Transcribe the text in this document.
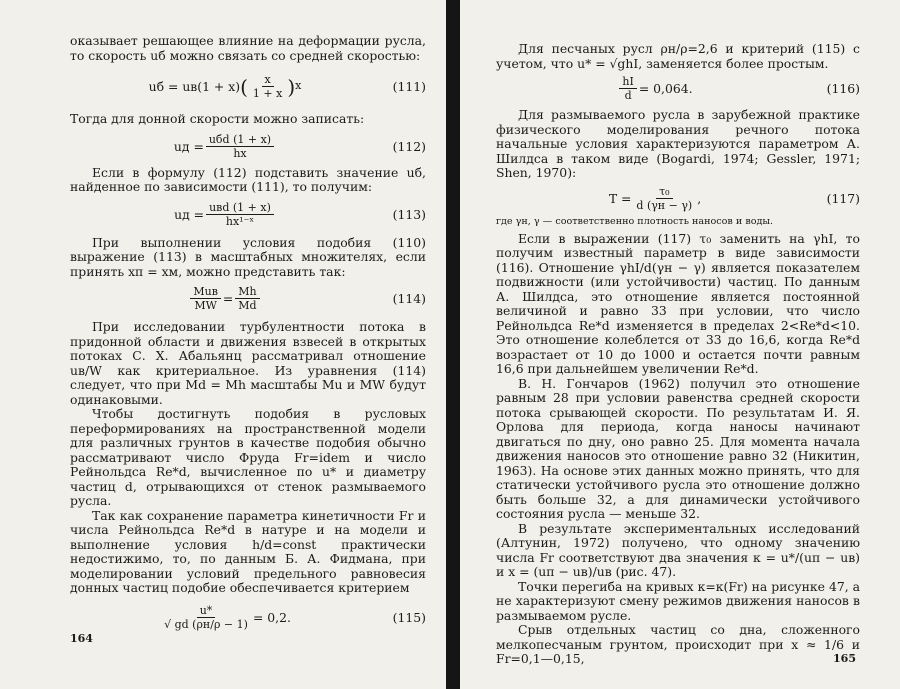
оказывает решающее влияние на деформации русла, то скорость uб можно связать со средней скоростью:

uб = uв(1 + x) ( $\frac{x}{1 + x}$ ) x	(111)

Тогда для донной скорости можно записать:

uд = $\frac{\text{uбd (1 + x)}}{hx}$	(112)

Если в формулу (112) подставить значение uб, найденное по зависимости (111), то получим:

uд = $\frac{\text{uвd (1 + x)}}{\text{hx¹⁻ˣ}}$	(113)

При выполнении условия подобия (110) выражение (113) в масштабных множителях, если принять xп = xм, можно представить так:

$\frac{\text{Muв}}{MW} = \frac{Mh}{Md}$	(114)

При исследовании турбулентности потока в придонной области и движения взвесей в открытых потоках С. Х. Абальянц рассматривал отношение uв/W как критериальное. Из уравнения (114) следует, что при Md = Mh масштабы Mu и MW будут одинаковыми.

Чтобы достигнуть подобия в русловых переформированиях на пространственной модели для различных грунтов в качестве подобия обычно рассматривают число Фруда Fr=idem и число Рейнольдса Re*d, вычисленное по u* и диаметру частиц d, отрывающихся от стенок размываемого русла.

Так как сохранение параметра кинетичности Fr и числа Рейнольдса Re*d в натуре и на модели и выполнение условия h/d=const практически недостижимо, то, по данным Б. А. Фидмана, при моделировании условий предельного равновесия донных частиц подобие обеспечивается критерием

$\frac{u*}{√ gd (\rho н/\rho - 1)} = 0,2$.	(115)
164

Для песчаных русл ρн/ρ=2,6 и критерий (115) с учетом, что u* = √ghI, заменяется более простым.

$\frac{hI}{d} = 0,064$.	(116)

Для размываемого русла в зарубежной практике физического моделирования речного потока начальные условия характеризуются параметром А. Шилдса в таком виде (Bogardi, 1974; Gessler, 1971; Shen, 1970):

$T = \frac{\text{τ₀}}{d (\gamma н - \gamma)}$ ,	(117)

где γн, γ — соответственно плотность наносов и воды.

Если в выражении (117) τ₀ заменить на γhI, то получим известный параметр в виде зависимости (116). Отношение γhI/d(γн − γ) является показателем подвижности (или устойчивости) частиц. По данным А. Шилдса, это отношение является постоянной величиной и равно 33 при условии, что число Рейнольдса Re*d изменяется в пределах 2<Re*d<10. Это отношение колеблется от 33 до 16,6, когда Re*d возрастает от 10 до 1000 и остается почти равным 16,6 при дальнейшем увеличении Re*d.

В. Н. Гончаров (1962) получил это отношение равным 28 при условии равенства средней скорости потока срывающей скорости. По результатам И. Я. Орлова для периода, когда наносы начинают двигаться по дну, оно равно 25. Для момента начала движения наносов это отношение равно 32 (Никитин, 1963). На основе этих данных можно принять, что для статически устойчивого русла это отношение должно быть больше 32, а для динамически устойчивого состояния русла — меньше 32.

В результате экспериментальных исследований (Алтунин, 1972) получено, что одному значению числа Fr соответствуют два значения κ = u*/(uп − uв) и x = (uп − uв)/uв (рис. 47).

Точки перегиба на кривых κ=κ(Fr) на рисунке 47, а не характеризуют смену режимов движения наносов в размываемом русле.

Срыв отдельных частиц со дна, сложенного мелкопесчаным грунтом, происходит при x ≈ 1/6 и Fr=0,1—0,15,	165
